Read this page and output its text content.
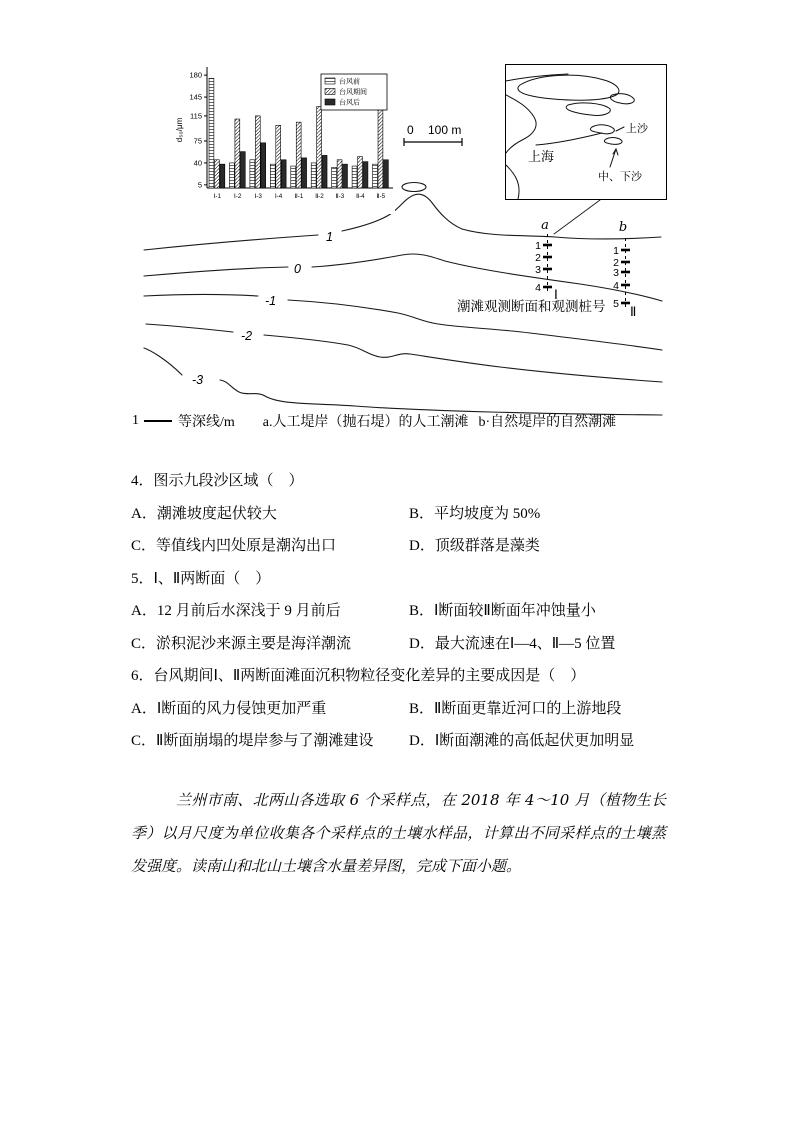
1
0
-1
-2
-3
0 100 m
a
1
2
3
4 Ⅰ
b
1
2
3
4
5 Ⅱ
潮滩观测断面和观测桩号
5
40
75
115
145
180
d₅₀/μm
Ⅰ-1 Ⅰ-2 Ⅰ-3 Ⅰ-4 Ⅱ-1 Ⅱ-2 Ⅱ-3 Ⅱ-4 Ⅱ-5
台风前
台风期间
台风后
上海
上沙
中、下沙
1	等深线/m a.人工堤岸（抛石堤）的人工潮滩 b·自然堤岸的自然潮滩
4．图示九段沙区域（　）
A．潮滩坡度起伏较大	B．平均坡度为 50%
C．等值线内凹处原是潮沟出口	D．顶级群落是藻类
5．Ⅰ、Ⅱ两断面（　）
A．12 月前后水深浅于 9 月前后	B．Ⅰ断面较Ⅱ断面年冲蚀量小
C．淤积泥沙来源主要是海洋潮流	D．最大流速在Ⅰ—4、Ⅱ—5 位置
6．台风期间Ⅰ、Ⅱ两断面滩面沉积物粒径变化差异的主要成因是（　）
A．Ⅰ断面的风力侵蚀更加严重	B．Ⅱ断面更靠近河口的上游地段
C．Ⅱ断面崩塌的堤岸参与了潮滩建设	D．Ⅰ断面潮滩的高低起伏更加明显
兰州市南、北两山各选取 6 个采样点，在 2018 年 4～10 月（植物生长季）以月尺度为单位收集各个采样点的土壤水样品，计算出不同采样点的土壤蒸发强度。读南山和北山土壤含水量差异图，完成下面小题。
